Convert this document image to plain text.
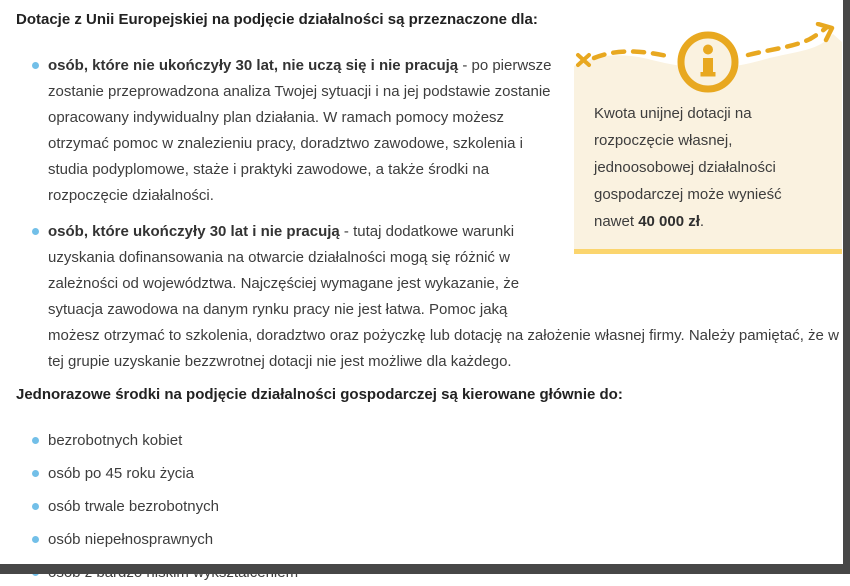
Dotacje z Unii Europejskiej na podjęcie działalności są przeznaczone dla:

Kwota unijnej dotacji na rozpoczęcie własnej, jednoosobowej działalności gospodarczej może wynieść nawet 40 000 zł.

osób, które nie ukończyły 30 lat, nie uczą się i nie pracują - po pierwsze zostanie przeprowadzona analiza Twojej sytuacji i na jej podstawie zostanie opracowany indywidualny plan działania. W ramach pomocy możesz otrzymać pomoc w znalezieniu pracy, doradztwo zawodowe, szkolenia i studia podyplomowe, staże i praktyki zawodowe, a także środki na rozpoczęcie działalności.
osób, które ukończyły 30 lat i nie pracują - tutaj dodatkowe warunki uzyskania dofinansowania na otwarcie działalności mogą się różnić w zależności od województwa. Najczęściej wymagane jest wykazanie, że sytuacja zawodowa na danym rynku pracy nie jest łatwa. Pomoc jaką możesz otrzymać to szkolenia, doradztwo oraz pożyczkę lub dotację na założenie własnej firmy. Należy pamiętać, że w tej grupie uzyskanie bezzwrotnej dotacji nie jest możliwe dla każdego.
Jednorazowe środki na podjęcie działalności gospodarczej są kierowane głównie do:
bezrobotnych kobiet
osób po 45 roku życia
osób trwale bezrobotnych
osób niepełnosprawnych
